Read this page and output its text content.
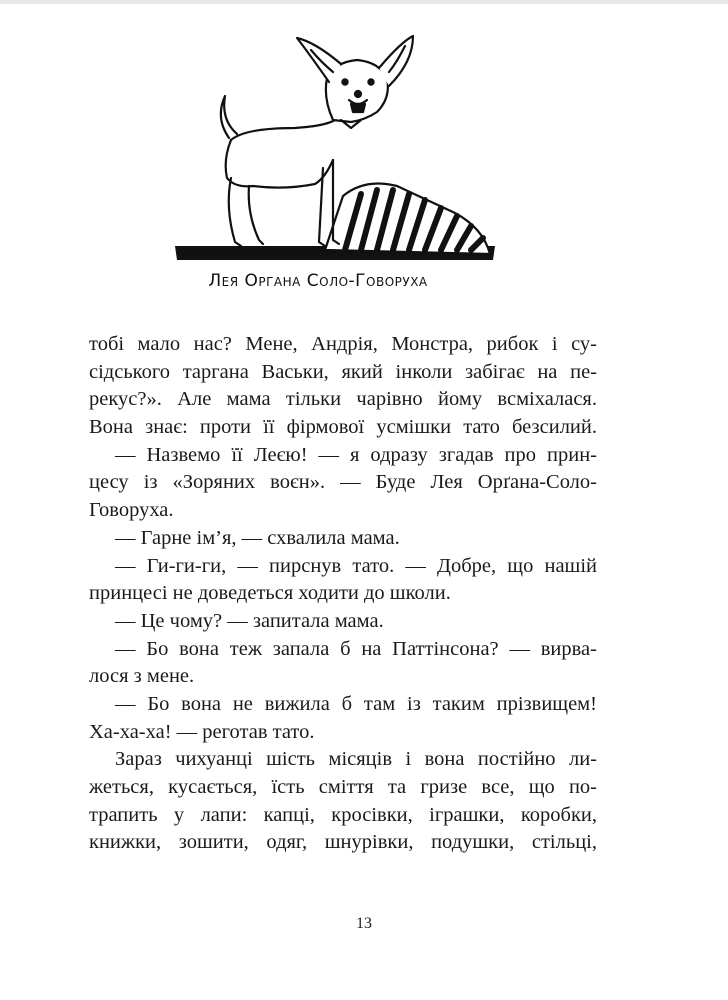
Лея Органа Соло-Говоруха
тобі мало нас? Мене, Андрія, Монстра, рибок і су-
сідського таргана Васьки, який інколи забігає на пе-
рекус?». Але мама тільки чарівно йому всміхалася.
Вона знає: проти її фірмової усмішки тато безсилий.
— Назвемо її Леєю! — я одразу згадав про прин-
цесу із «Зоряних воєн». — Буде Лея Орґана-Соло-
Говоруха.
— Гарне ім’я, — схвалила мама.
— Ги-ги-ги, — пирснув тато. — Добре, що нашій
принцесі не доведеться ходити до школи.
— Це чому? — запитала мама.
— Бо вона теж запала б на Паттінсона? — вирва-
лося з мене.
— Бо вона не вижила б там із таким прізвищем!
Ха-ха-ха! — реготав тато.
Зараз чихуанці шість місяців і вона постійно ли-
жеться, кусається, їсть сміття та гризе все, що по-
трапить у лапи: капці, кросівки, іграшки, коробки,
книжки, зошити, одяг, шнурівки, подушки, стільці,
13
